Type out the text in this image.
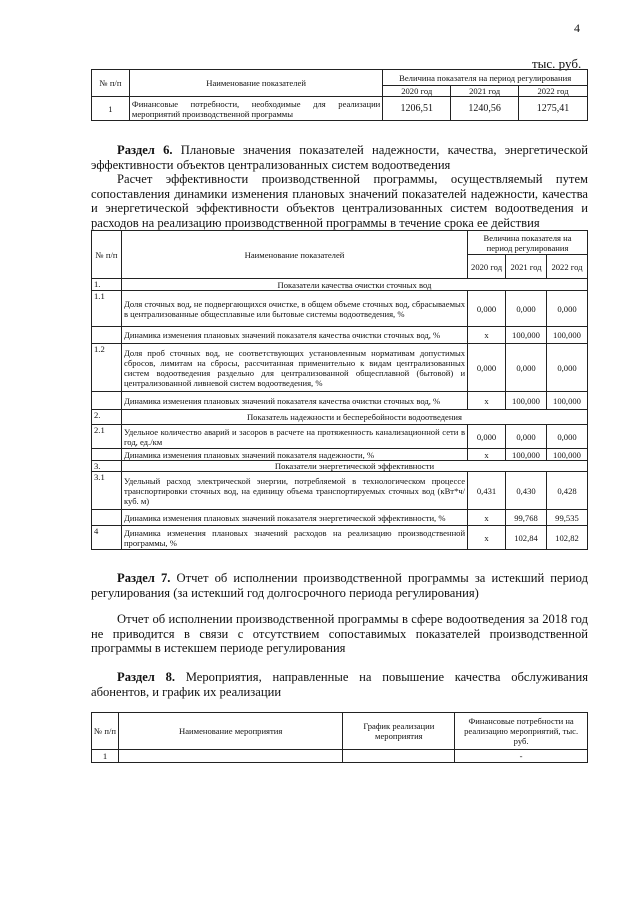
4
тыс. руб.
№ п/п	Наименование показателей	Величина показателя на период регулирования		
		2020 год	2021 год	2022 год
1	Финансовые потребности, необходимые для реализации мероприятий производственной программы	1206,51	1240,56	1275,41
Раздел 6. Плановые значения показателей надежности, качества, энергетической эффективности объектов централизованных систем водоотведения
Расчет эффективности производственной программы, осуществляемый путем сопоставления динамики изменения плановых значений показателей надежности, качества и энергетической эффективности объектов централизованных систем водоотведения и расходов на реализацию производственной программы в течение срока ее действия
№ п/п	Наименование показателей	Величина показателя на период регулирования		
		2020 год	2021 год	2022 год
1.	Показатели качества очистки сточных вод			
1.1	Доля сточных вод, не подвергающихся очистке, в общем объеме сточных вод, сбрасываемых в централизованные общесплавные или бытовые системы водоотведения, %	0,000	0,000	0,000
	Динамика изменения плановых значений показателя качества очистки сточных вод, %	x	100,000	100,000
1.2	Доля проб сточных вод, не соответствующих установленным нормативам допустимых сбросов, лимитам на сбросы, рассчитанная применительно к видам централизованных систем водоотведения раздельно для централизованной общесплавной (бытовой) и централизованной ливневой систем водоотведения, %	0,000	0,000	0,000
	Динамика изменения плановых значений показателя качества очистки сточных вод, %	x	100,000	100,000
2.	Показатель надежности и бесперебойности водоотведения			
2.1	Удельное количество аварий и засоров в расчете на протяженность канализационной сети в год, ед./км	0,000	0,000	0,000
	Динамика изменения плановых значений показателя надежности, %	x	100,000	100,000
3.	Показатели энергетической эффективности			
3.1	Удельный расход электрической энергии, потребляемой в технологическом процессе транспортировки сточных вод, на единицу объема транспортируемых сточных вод (кВт*ч/ куб. м)	0,431	0,430	0,428
	Динамика изменения плановых значений показателя энергетической эффективности, %	x	99,768	99,535
4	Динамика изменения плановых значений расходов на реализацию производственной программы, %	x	102,84	102,82
Раздел 7. Отчет об исполнении производственной программы за истекший период регулирования (за истекший год долгосрочного периода регулирования)
Отчет об исполнении производственной программы в сфере водоотведения за 2018 год не приводится в связи с отсутствием сопоставимых показателей производственной программы в истекшем периоде регулирования
Раздел 8. Мероприятия, направленные на повышение качества обслуживания абонентов, и график их реализации
№ п/п	Наименование мероприятия	График реализации мероприятия	Финансовые потребности на реализацию мероприятий, тыс. руб.
1			-
